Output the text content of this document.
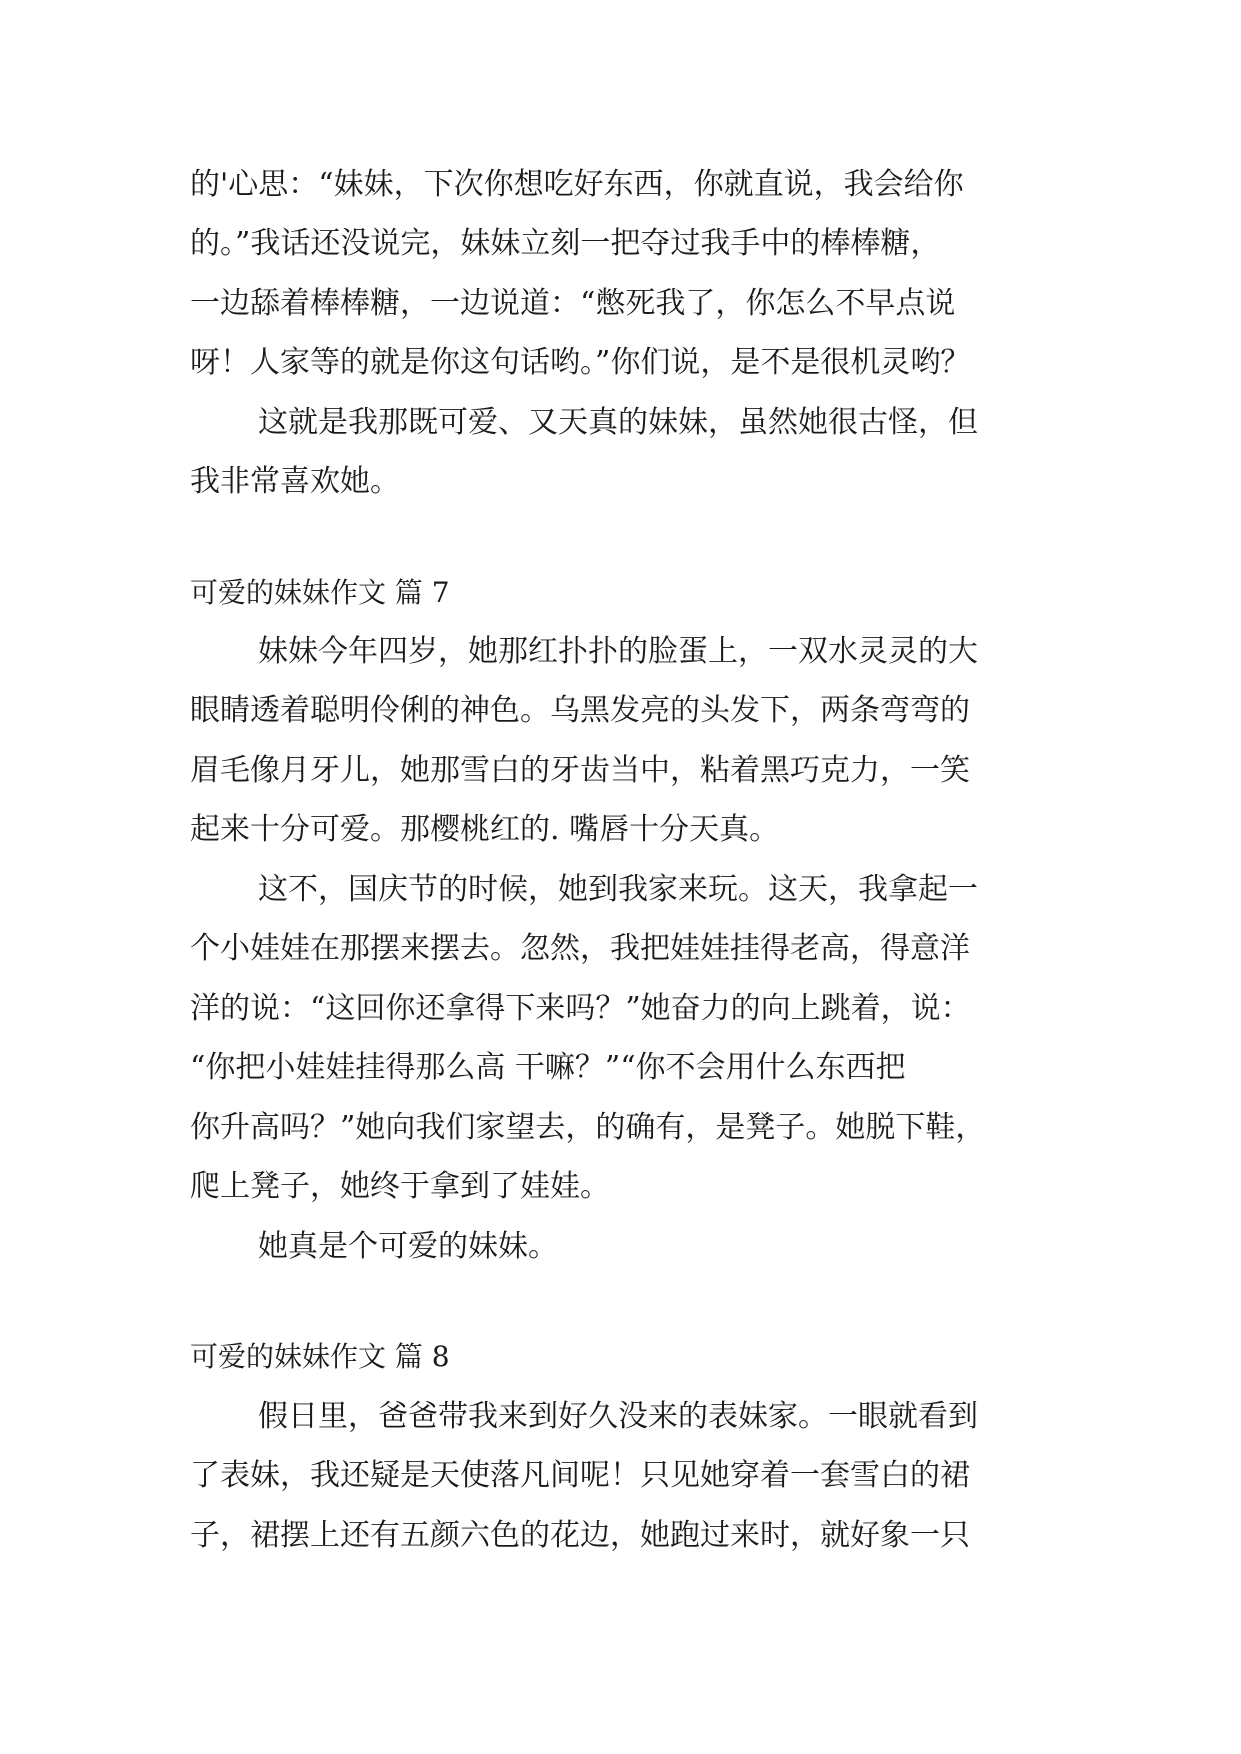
的'心思：“妹妹，下次你想吃好东西，你就直说，我会给你
的。”我话还没说完，妹妹立刻一把夺过我手中的棒棒糖，
一边舔着棒棒糖，一边说道：“憋死我了，你怎么不早点说
呀！人家等的就是你这句话哟。”你们说，是不是很机灵哟？
这就是我那既可爱、又天真的妹妹，虽然她很古怪，但
我非常喜欢她。
可爱的妹妹作文 篇 7
妹妹今年四岁，她那红扑扑的脸蛋上，一双水灵灵的大
眼睛透着聪明伶俐的神色。乌黑发亮的头发下，两条弯弯的
眉毛像月牙儿，她那雪白的牙齿当中，粘着黑巧克力，一笑
起来十分可爱。那樱桃红的. 嘴唇十分天真。
这不，国庆节的时候，她到我家来玩。这天，我拿起一
个小娃娃在那摆来摆去。忽然，我把娃娃挂得老高，得意洋
洋的说：“这回你还拿得下来吗？”她奋力的向上跳着，说：
“你把小娃娃挂得那么高 干嘛？”“你不会用什么东西把
你升高吗？”她向我们家望去，的确有，是凳子。她脱下鞋，
爬上凳子，她终于拿到了娃娃。
她真是个可爱的妹妹。
可爱的妹妹作文 篇 8
假日里，爸爸带我来到好久没来的表妹家。一眼就看到
了表妹，我还疑是天使落凡间呢！只见她穿着一套雪白的裙
子，裙摆上还有五颜六色的花边，她跑过来时，就好象一只
